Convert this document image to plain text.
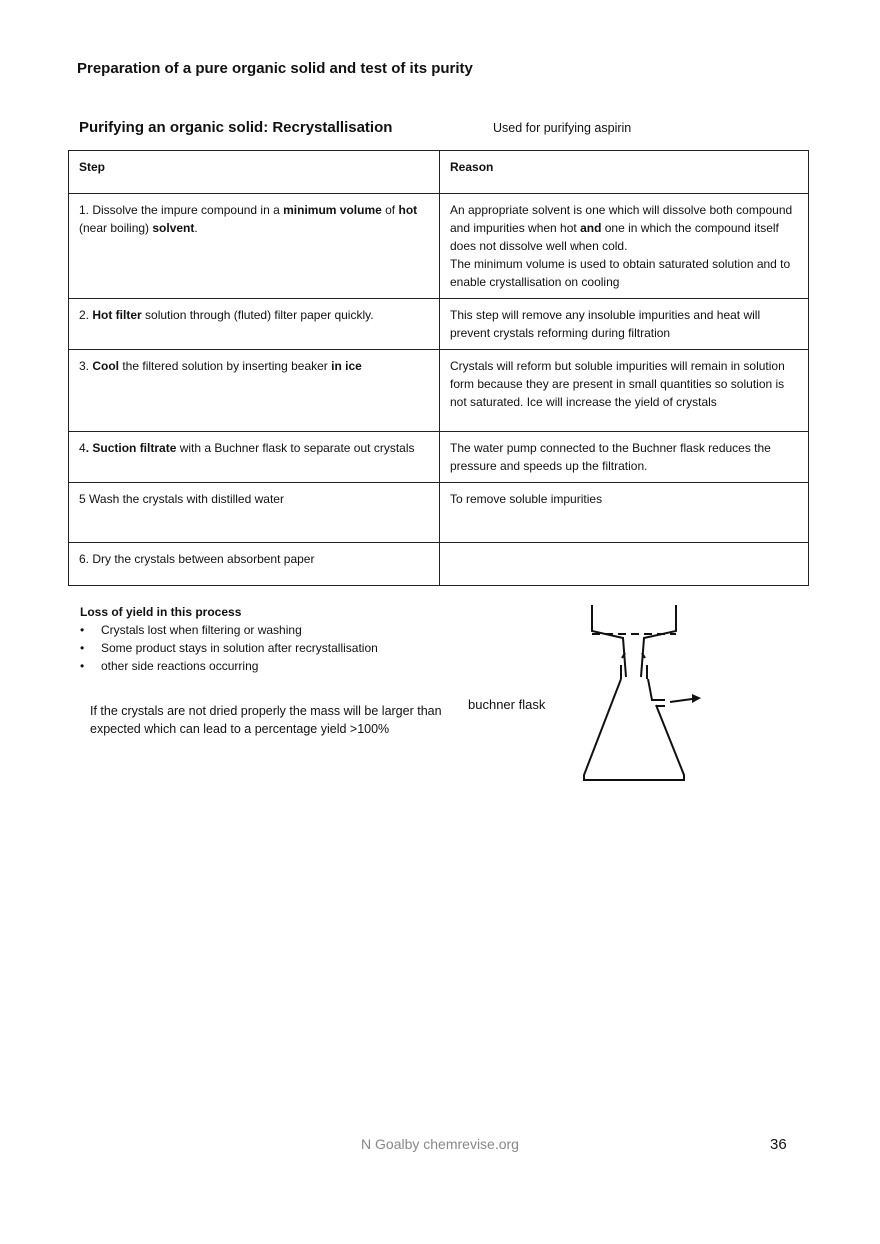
Preparation of a pure organic solid and test of its purity
Purifying an organic solid: Recrystallisation	Used for purifying aspirin
Step	Reason
1. Dissolve the impure compound in a minimum volume of hot (near boiling) solvent.	An appropriate solvent is one which will dissolve both compound and impurities when hot and one in which the compound itself does not dissolve well when cold.

The minimum volume is used to obtain saturated solution and to enable crystallisation on cooling

2. Hot filter solution through (fluted) filter paper quickly.	This step will remove any insoluble impurities and heat will prevent crystals reforming during filtration

3. Cool the filtered solution by inserting beaker in ice	Crystals will reform but soluble impurities will remain in solution form because they are present in small quantities so solution is not saturated. Ice will increase the yield of crystals

4. Suction filtrate with a Buchner flask to separate out crystals	The water pump connected to the Buchner flask reduces the pressure and speeds up the filtration.

5 Wash the crystals with distilled water	To remove soluble impurities

6. Dry the crystals between absorbent paper	
Loss of yield in this process
• Crystals lost when filtering or washing
• Some product stays in solution after recrystallisation
• other side reactions occurring
If the crystals are not dried properly the mass will be larger than expected which can lead to a percentage yield >100%
buchner flask
N Goalby chemrevise.org	36
